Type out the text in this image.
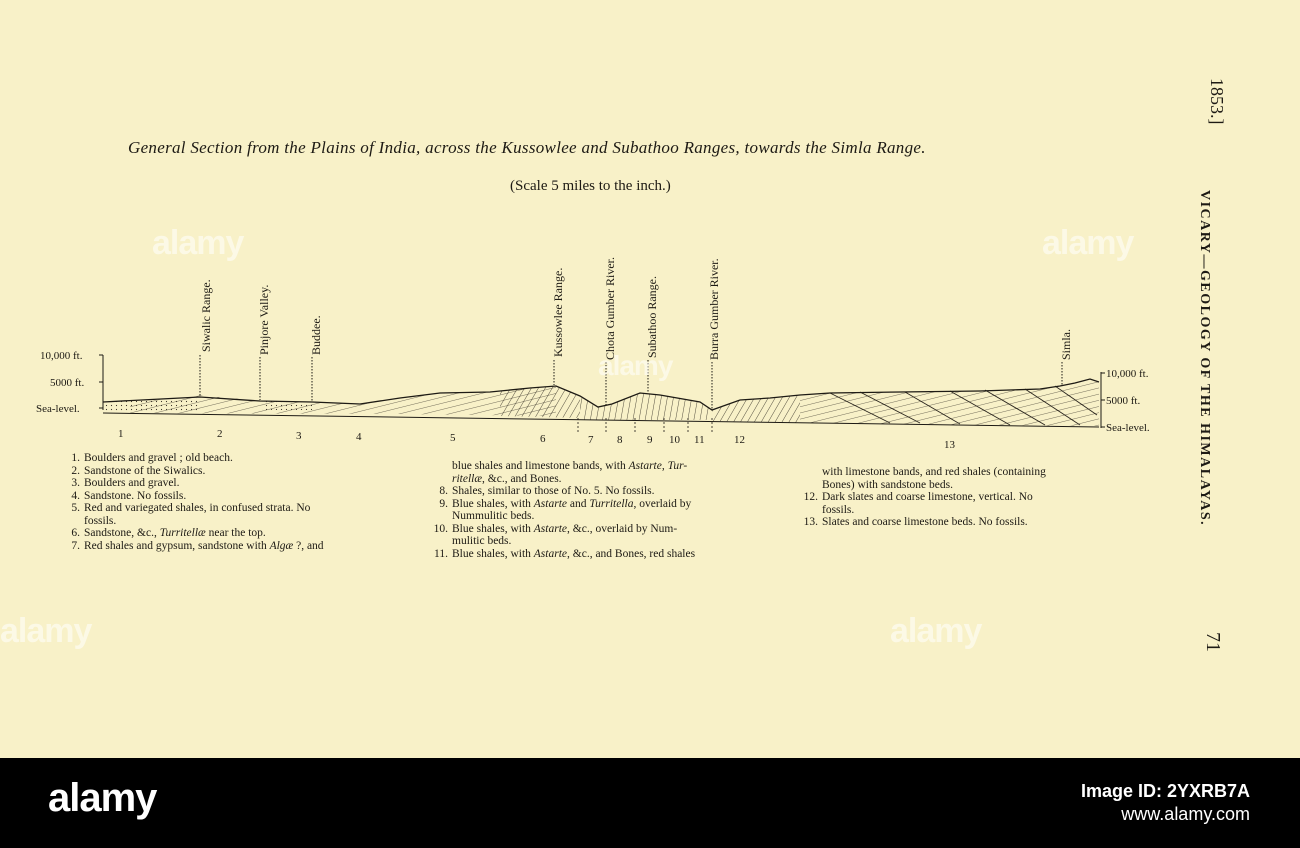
General Section from the Plains of India, across the Kussowlee and Subathoo Ranges, towards the Simla Range.
(Scale 5 miles to the inch.)
10,000 ft.
5000 ft.
Sea-level.
10,000 ft.
5000 ft.
Sea-level.
Siwalic Range.	Pinjore Valley.	Buddee.	Kussowlee Range.	Chota Gumber River. Subathoo Range.	Burra Gumber River.	Simla.
1	2	3	4	5	6	7 8 9 10 11	12	13

1. Boulders and gravel ; old beach.

2. Sandstone of the Siwalics.

3. Boulders and gravel.

4. Sandstone. No fossils.

5. Red and variegated shales, in confused strata. No

fossils.

6. Sandstone, &c., Turritellæ near the top.

7. Red shales and gypsum, sandstone with Algæ ?, and

blue shales and limestone bands, with Astarte, Tur-

ritellæ, &c., and Bones.

8. Shales, similar to those of No. 5. No fossils.

9. Blue shales, with Astarte and Turritella, overlaid by

Nummulitic beds.

10. Blue shales, with Astarte, &c., overlaid by Num-

mulitic beds.

11. Blue shales, with Astarte, &c., and Bones, red shales

with limestone bands, and red shales (containing

Bones) with sandstone beds.

12. Dark slates and coarse limestone, vertical. No

fossils.

13. Slates and coarse limestone beds. No fossils.

1853.]
VICARY—GEOLOGY OF THE HIMALAYAS.
71
alamy	alamy
alamy	alamy
alamy
alamy	Image ID: 2YXRB7A
www.alamy.com
